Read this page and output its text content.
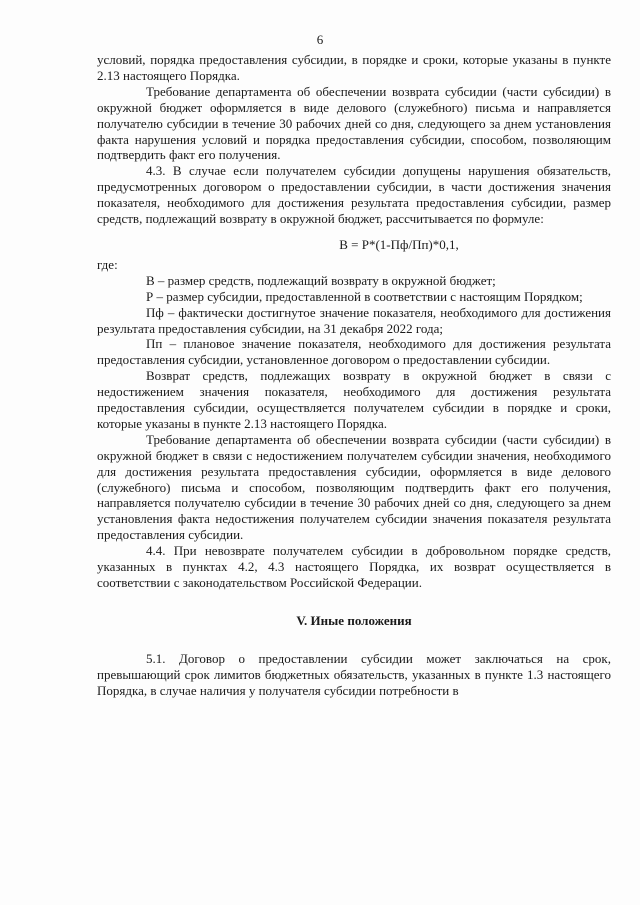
6

условий, порядка предоставления субсидии, в порядке и сроки, которые указаны в пункте 2.13 настоящего Порядка.

Требование департамента об обеспечении возврата субсидии (части субсидии) в окружной бюджет оформляется в виде делового (служебного) письма и направляется получателю субсидии в течение 30 рабочих дней со дня, следующего за днем установления факта нарушения условий и порядка предоставления субсидии, способом, позволяющим подтвердить факт его получения.

4.3. В случае если получателем субсидии допущены нарушения обязательств, предусмотренных договором о предоставлении субсидии, в части достижения значения показателя, необходимого для достижения результата предоставления субсидии, размер средств, подлежащий возврату в окружной бюджет, рассчитывается по формуле:

В = Р*(1-Пф/Пп)*0,1,

где:

В – размер средств, подлежащий возврату в окружной бюджет;

Р – размер субсидии, предоставленной в соответствии с настоящим Порядком;

Пф – фактически достигнутое значение показателя, необходимого для достижения результата предоставления субсидии, на 31 декабря 2022 года;

Пп – плановое значение показателя, необходимого для достижения результата предоставления субсидии, установленное договором о предоставлении субсидии.

Возврат средств, подлежащих возврату в окружной бюджет в связи с недостижением значения показателя, необходимого для достижения результата предоставления субсидии, осуществляется получателем субсидии в порядке и сроки, которые указаны в пункте 2.13 настоящего Порядка.

Требование департамента об обеспечении возврата субсидии (части субсидии) в окружной бюджет в связи с недостижением получателем субсидии значения, необходимого для достижения результата предоставления субсидии, оформляется в виде делового (служебного) письма и способом, позволяющим подтвердить факт его получения, направляется получателю субсидии в течение 30 рабочих дней со дня, следующего за днем установления факта недостижения получателем субсидии значения показателя результата предоставления субсидии.

4.4. При невозврате получателем субсидии в добровольном порядке средств, указанных в пунктах 4.2, 4.3 настоящего Порядка, их возврат осуществляется в соответствии с законодательством Российской Федерации.

V. Иные положения

5.1. Договор о предоставлении субсидии может заключаться на срок, превышающий срок лимитов бюджетных обязательств, указанных в пункте 1.3 настоящего Порядка, в случае наличия у получателя субсидии потребности в
